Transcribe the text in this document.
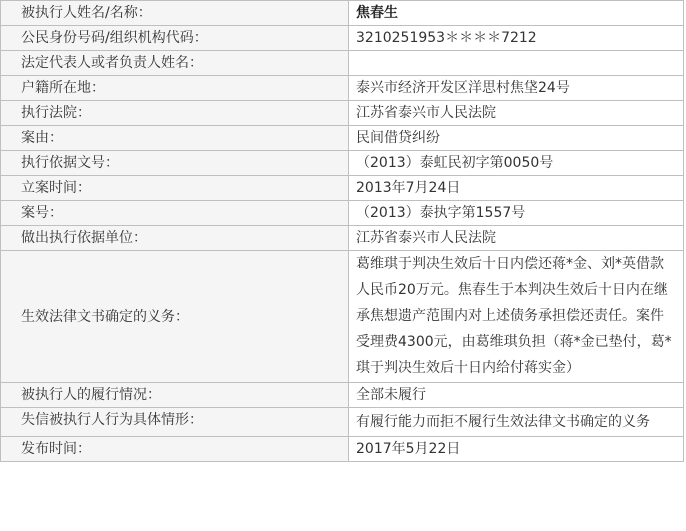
被执行人姓名/名称：	焦春生
公民身份号码/组织机构代码：	3210251953＊＊＊＊7212
法定代表人或者负责人姓名：	
户籍所在地：	泰兴市经济开发区洋思村焦垡24号
执行法院：	江苏省泰兴市人民法院
案由：	民间借贷纠纷
执行依据文号：	（2013）泰虹民初字第0050号
立案时间：	2013年7月24日
案号：	（2013）泰执字第1557号
做出执行依据单位：	江苏省泰兴市人民法院
生效法律文书确定的义务：	葛维琪于判决生效后十日内偿还蒋*金、刘*英借款人民币20万元。焦春生于本判决生效后十日内在继承焦想遗产范围内对上述债务承担偿还责任。案件受理费4300元，由葛维琪负担（蒋*金已垫付，葛*琪于判决生效后十日内给付蒋实金）
被执行人的履行情况：	全部未履行
失信被执行人行为具体情形：	有履行能力而拒不履行生效法律文书确定的义务
发布时间：	2017年5月22日
